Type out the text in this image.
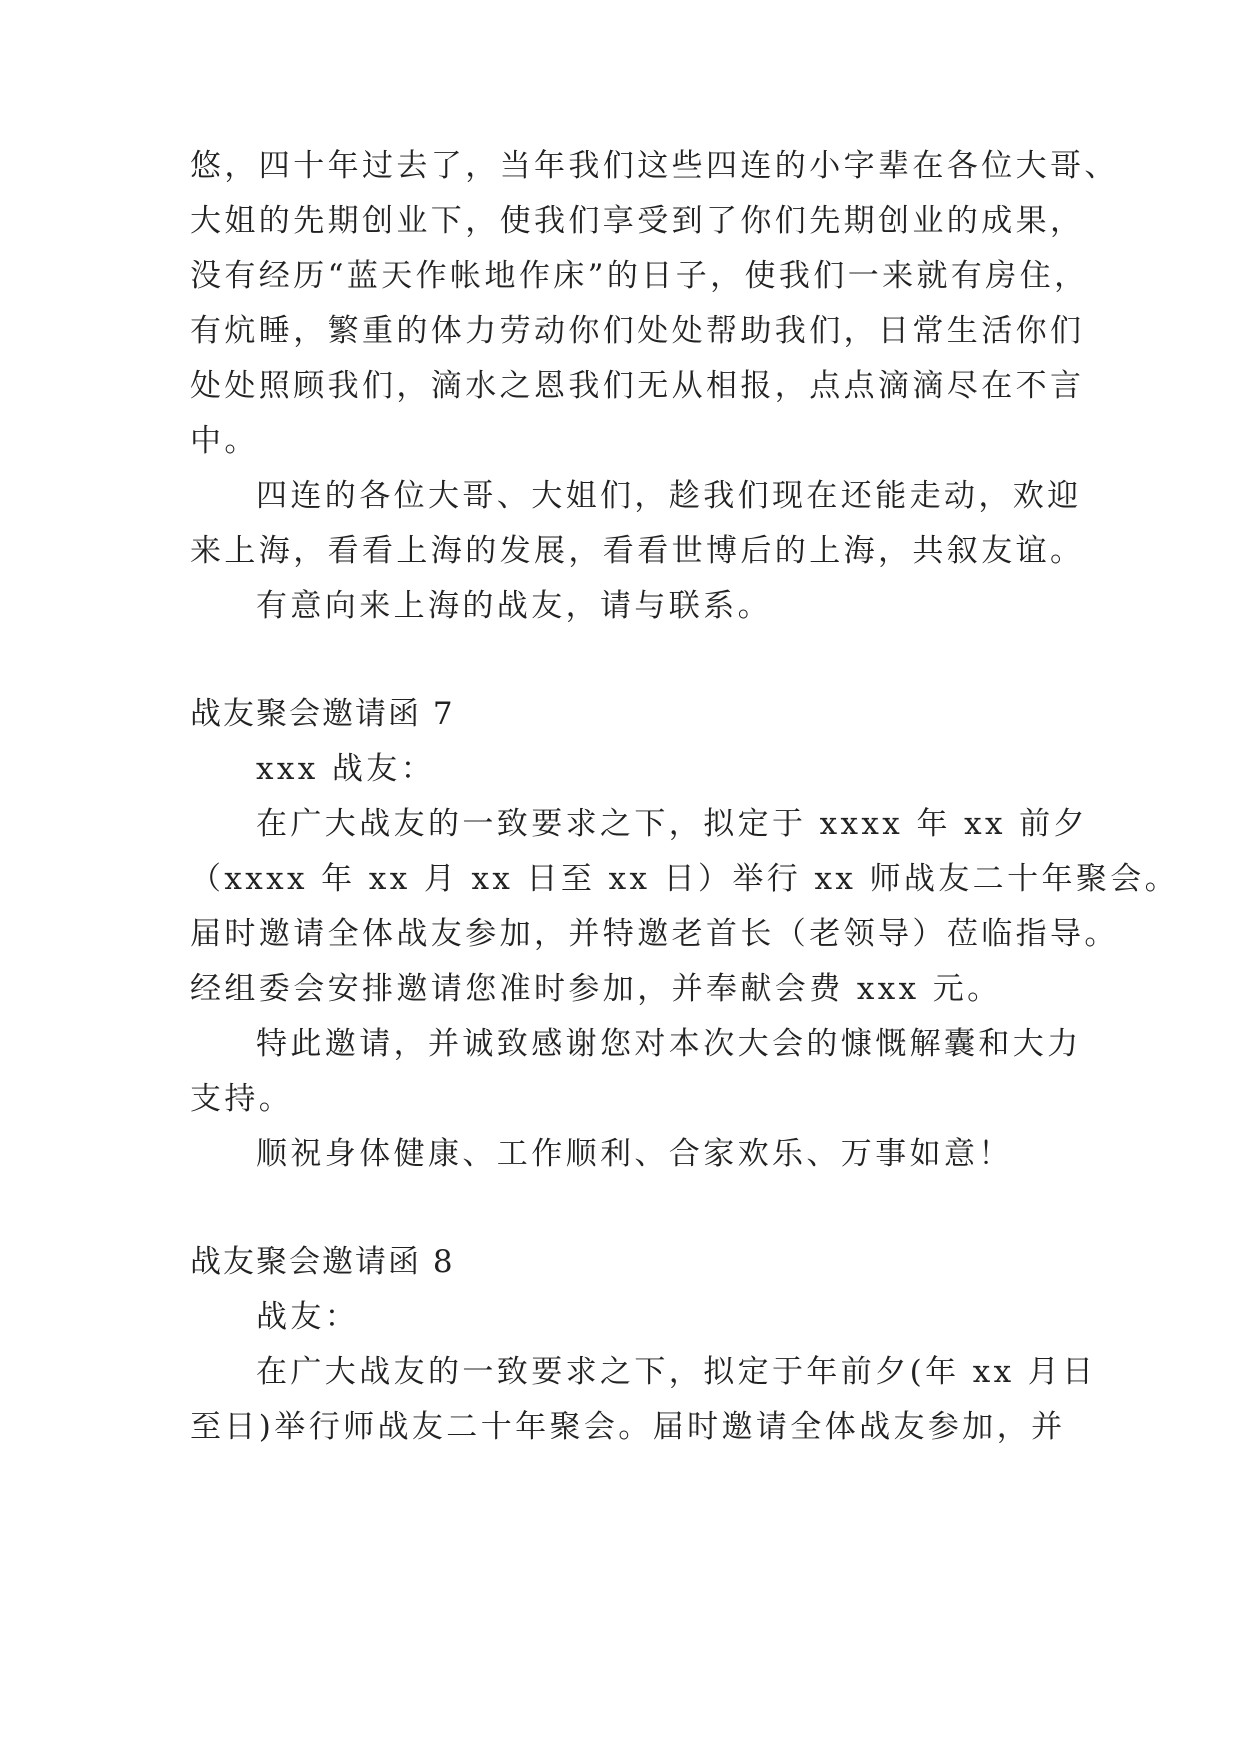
悠，四十年过去了，当年我们这些四连的小字辈在各位大哥、
大姐的先期创业下，使我们享受到了你们先期创业的成果，
没有经历“蓝天作帐地作床”的日子，使我们一来就有房住，
有炕睡，繁重的体力劳动你们处处帮助我们，日常生活你们
处处照顾我们，滴水之恩我们无从相报，点点滴滴尽在不言
中。
四连的各位大哥、大姐们，趁我们现在还能走动，欢迎
来上海，看看上海的发展，看看世博后的上海，共叙友谊。
有意向来上海的战友，请与联系。
战友聚会邀请函 7
xxx 战友：
在广大战友的一致要求之下，拟定于 xxxx 年 xx 前夕
（xxxx 年 xx 月 xx 日至 xx 日）举行 xx 师战友二十年聚会。
届时邀请全体战友参加，并特邀老首长（老领导）莅临指导。
经组委会安排邀请您准时参加，并奉献会费 xxx 元。
特此邀请，并诚致感谢您对本次大会的慷慨解囊和大力
支持。
顺祝身体健康、工作顺利、合家欢乐、万事如意！
战友聚会邀请函 8
战友：
在广大战友的一致要求之下，拟定于年前夕(年 xx 月日
至日)举行师战友二十年聚会。届时邀请全体战友参加，并
